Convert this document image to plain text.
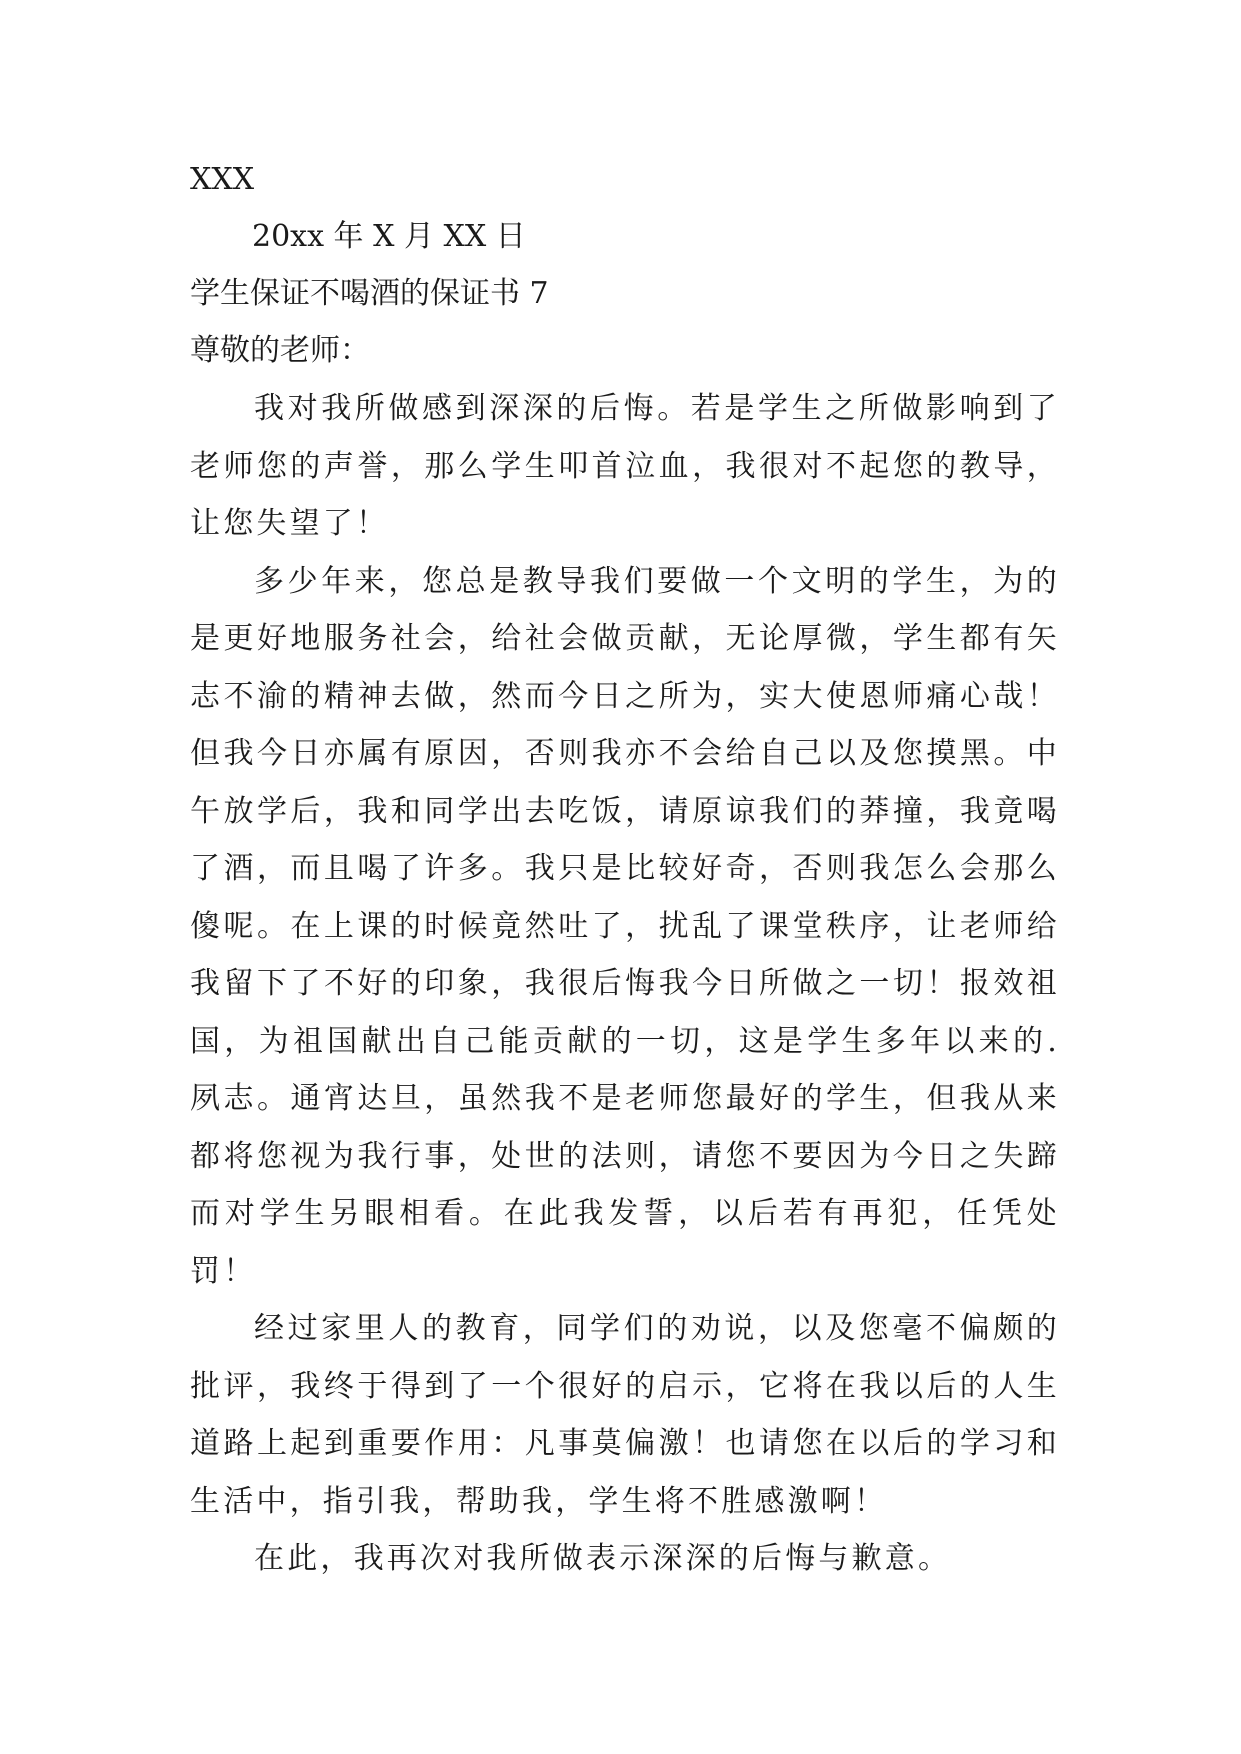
XXX
20xx 年 X 月 XX 日
学生保证不喝酒的保证书 7
尊敬的老师：

我对我所做感到深深的后悔。若是学生之所做影响到了老师您的声誉，那么学生叩首泣血，我很对不起您的教导，让您失望了！

多少年来，您总是教导我们要做一个文明的学生，为的是更好地服务社会，给社会做贡献，无论厚微，学生都有矢志不渝的精神去做，然而今日之所为，实大使恩师痛心哉！但我今日亦属有原因，否则我亦不会给自己以及您摸黑。中午放学后，我和同学出去吃饭，请原谅我们的莽撞，我竟喝了酒，而且喝了许多。我只是比较好奇，否则我怎么会那么傻呢。在上课的时候竟然吐了，扰乱了课堂秩序，让老师给我留下了不好的印象，我很后悔我今日所做之一切！报效祖国，为祖国献出自己能贡献的一切，这是学生多年以来的.夙志。通宵达旦，虽然我不是老师您最好的学生，但我从来都将您视为我行事，处世的法则，请您不要因为今日之失蹄而对学生另眼相看。在此我发誓，以后若有再犯，任凭处罚！

经过家里人的教育，同学们的劝说，以及您毫不偏颇的批评，我终于得到了一个很好的启示，它将在我以后的人生道路上起到重要作用：凡事莫偏激！也请您在以后的学习和生活中，指引我，帮助我，学生将不胜感激啊！

在此，我再次对我所做表示深深的后悔与歉意。
